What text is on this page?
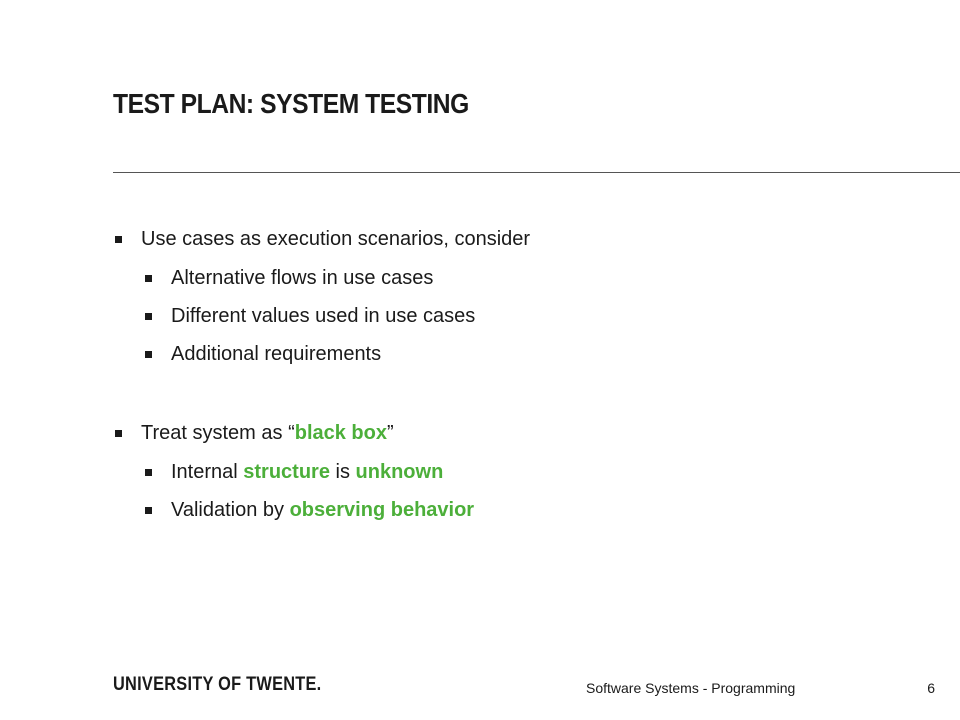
TEST PLAN: SYSTEM TESTING
Use cases as execution scenarios, consider
Alternative flows in use cases
Different values used in use cases
Additional requirements
Treat system as “black box”
Internal structure is unknown
Validation by observing behavior
UNIVERSITY OF TWENTE.	Software Systems - Programming	6
